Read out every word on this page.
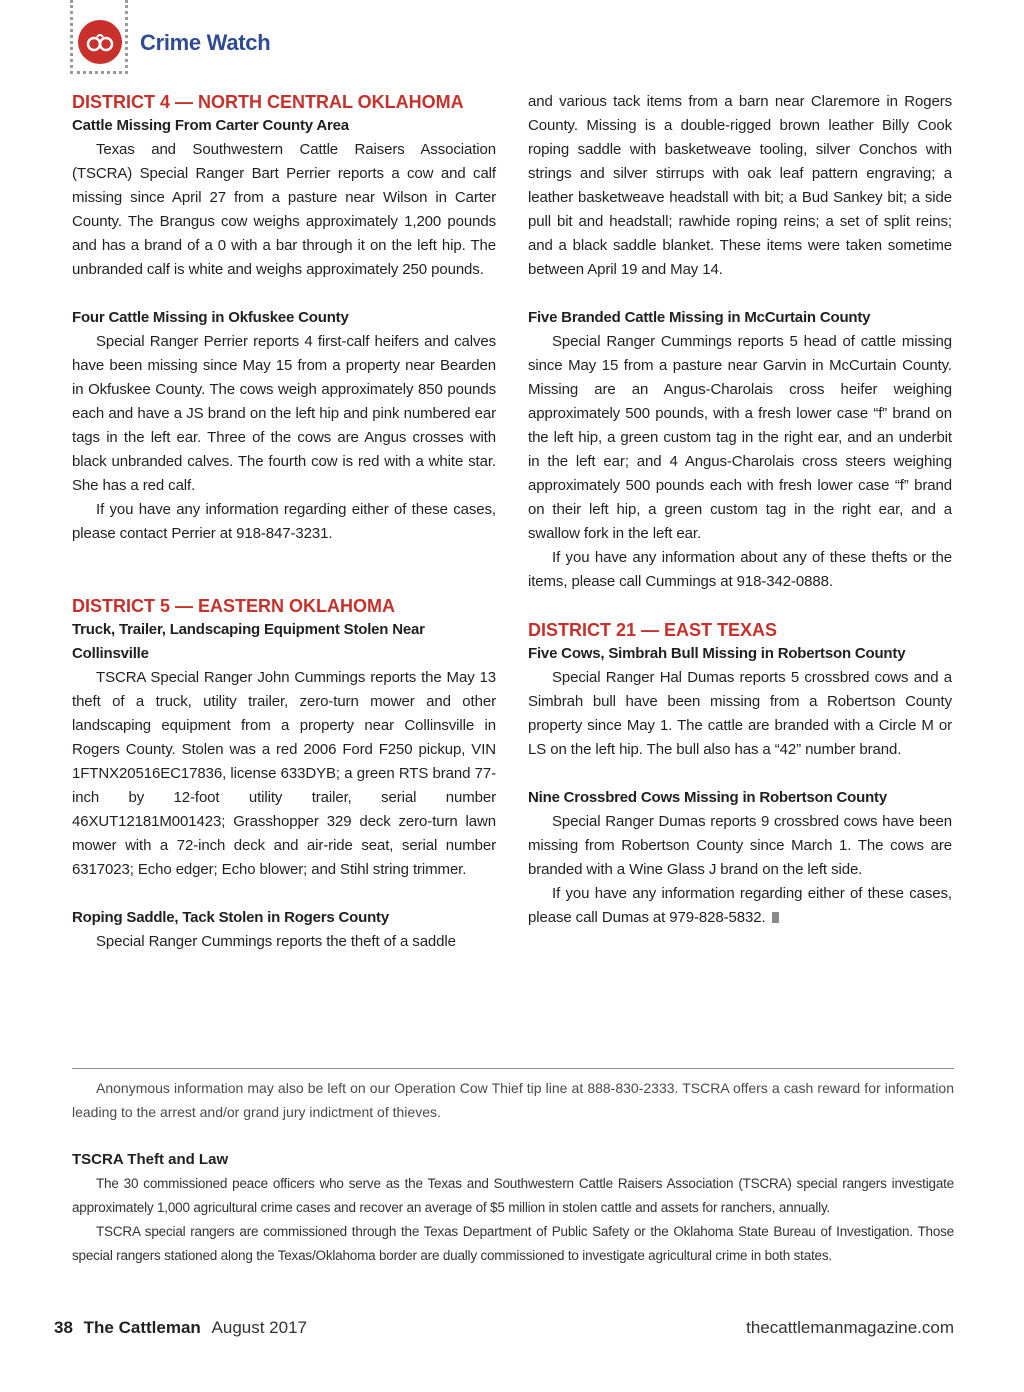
Crime Watch

DISTRICT 4 — NORTH CENTRAL OKLAHOMA

Cattle Missing From Carter County Area

Texas and Southwestern Cattle Raisers Association (TSCRA) Special Ranger Bart Perrier reports a cow and calf missing since April 27 from a pasture near Wilson in Carter County. The Brangus cow weighs approximately 1,200 pounds and has a brand of a 0 with a bar through it on the left hip. The unbranded calf is white and weighs approximately 250 pounds.

Four Cattle Missing in Okfuskee County

Special Ranger Perrier reports 4 first-calf heifers and calves have been missing since May 15 from a property near Bearden in Okfuskee County. The cows weigh approximately 850 pounds each and have a JS brand on the left hip and pink numbered ear tags in the left ear. Three of the cows are Angus crosses with black unbranded calves. The fourth cow is red with a white star. She has a red calf.

If you have any information regarding either of these cases, please contact Perrier at 918-847-3231.

DISTRICT 5 — EASTERN OKLAHOMA

Truck, Trailer, Landscaping Equipment Stolen Near Collinsville

TSCRA Special Ranger John Cummings reports the May 13 theft of a truck, utility trailer, zero-turn mower and other landscaping equipment from a property near Collinsville in Rogers County. Stolen was a red 2006 Ford F250 pickup, VIN 1FTNX20516EC17836, license 633DYB; a green RTS brand 77-inch by 12-foot utility trailer, serial number 46XUT12181M001423; Grasshopper 329 deck zero-turn lawn mower with a 72-inch deck and air-ride seat, serial number 6317023; Echo edger; Echo blower; and Stihl string trimmer.

Roping Saddle, Tack Stolen in Rogers County

Special Ranger Cummings reports the theft of a saddle

and various tack items from a barn near Claremore in Rogers County. Missing is a double-rigged brown leather Billy Cook roping saddle with basketweave tooling, silver Conchos with strings and silver stirrups with oak leaf pattern engraving; a leather basketweave headstall with bit; a Bud Sankey bit; a side pull bit and headstall; rawhide roping reins; a set of split reins; and a black saddle blanket. These items were taken sometime between April 19 and May 14.

Five Branded Cattle Missing in McCurtain County

Special Ranger Cummings reports 5 head of cattle missing since May 15 from a pasture near Garvin in McCurtain County. Missing are an Angus-Charolais cross heifer weighing approximately 500 pounds, with a fresh lower case “f” brand on the left hip, a green custom tag in the right ear, and an underbit in the left ear; and 4 Angus-Charolais cross steers weighing approximately 500 pounds each with fresh lower case “f” brand on their left hip, a green custom tag in the right ear, and a swallow fork in the left ear.

If you have any information about any of these thefts or the items, please call Cummings at 918-342-0888.

DISTRICT 21 — EAST TEXAS

Five Cows, Simbrah Bull Missing in Robertson County

Special Ranger Hal Dumas reports 5 crossbred cows and a Simbrah bull have been missing from a Robertson County property since May 1. The cattle are branded with a Circle M or LS on the left hip. The bull also has a “42” number brand.

Nine Crossbred Cows Missing in Robertson County

Special Ranger Dumas reports 9 crossbred cows have been missing from Robertson County since March 1. The cows are branded with a Wine Glass J brand on the left side.

If you have any information regarding either of these cases, please call Dumas at 979-828-5832.

Anonymous information may also be left on our Operation Cow Thief tip line at 888-830-2333. TSCRA offers a cash reward for information leading to the arrest and/or grand jury indictment of thieves.

TSCRA Theft and Law

The 30 commissioned peace officers who serve as the Texas and Southwestern Cattle Raisers Association (TSCRA) special rangers investigate approximately 1,000 agricultural crime cases and recover an average of $5 million in stolen cattle and assets for ranchers, annually.

TSCRA special rangers are commissioned through the Texas Department of Public Safety or the Oklahoma State Bureau of Investigation. Those special rangers stationed along the Texas/Oklahoma border are dually commissioned to investigate agricultural crime in both states.

38 The Cattleman August 2017	thecattlemanmagazine.com
